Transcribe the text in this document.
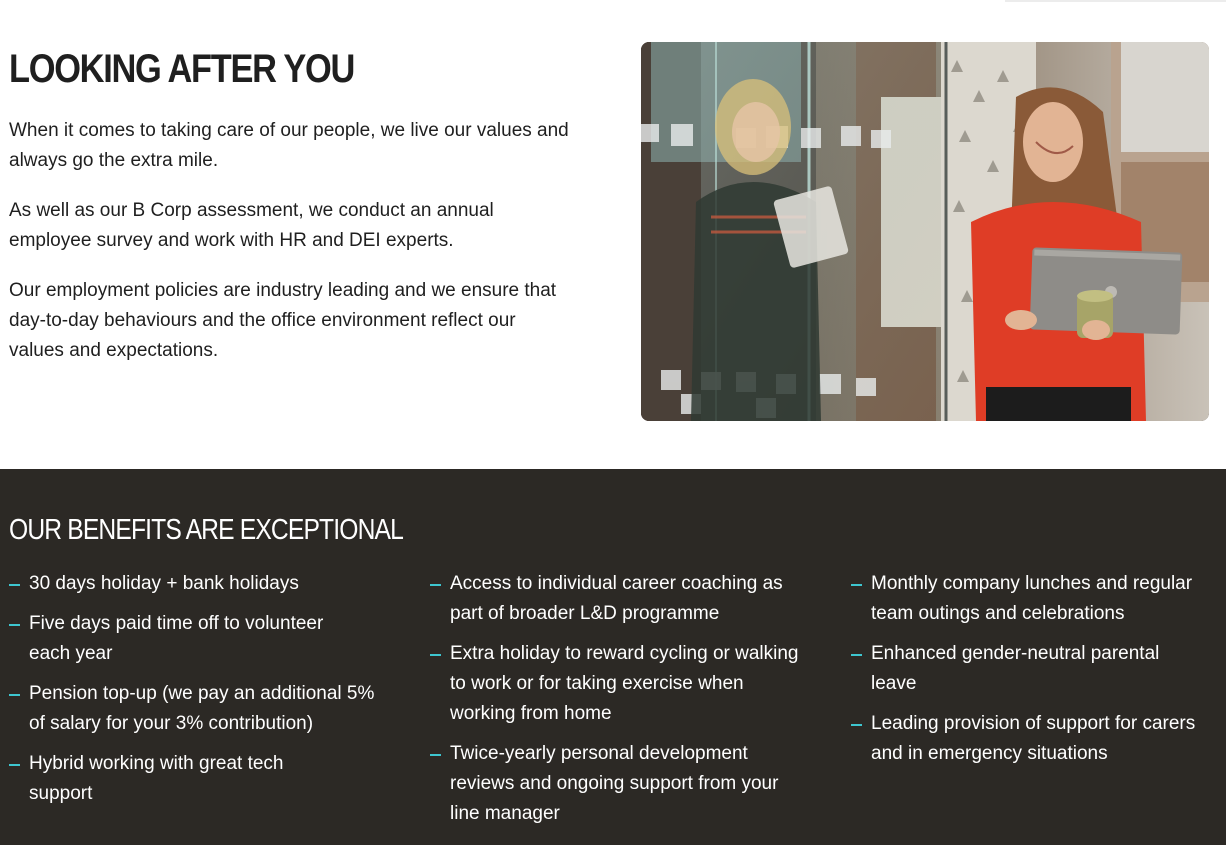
LOOKING AFTER YOU

When it comes to taking care of our people, we live our values and always go the extra mile.

As well as our B Corp assessment, we conduct an annual employee survey and work with HR and DEI experts.

Our employment policies are industry leading and we ensure that day-to-day behaviours and the office environment reflect our values and expectations.

OUR BENEFITS ARE EXCEPTIONAL
30 days holiday + bank holidays
Five days paid time off to volunteer each year
Pension top-up (we pay an additional 5% of salary for your 3% contribution)
Hybrid working with great tech support
Access to individual career coaching as part of broader L&D programme
Extra holiday to reward cycling or walking to work or for taking exercise when working from home
Twice-yearly personal development reviews and ongoing support from your line manager
Monthly company lunches and regular team outings and celebrations
Enhanced gender-neutral parental leave
Leading provision of support for carers and in emergency situations
